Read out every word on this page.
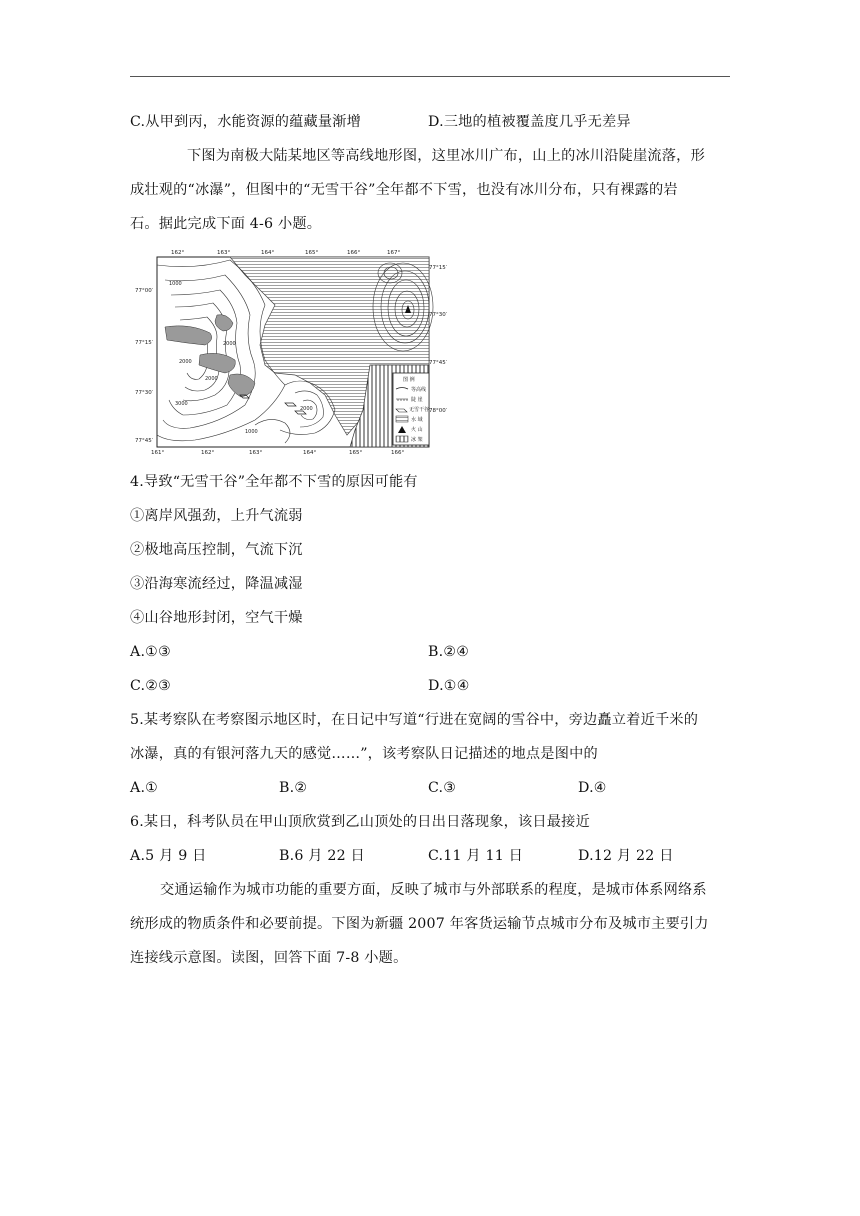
C.从甲到丙，水能资源的蕴藏量渐增	D.三地的植被覆盖度几乎无差异
下图为南极大陆某地区等高线地形图，这里冰川广布，山上的冰川沿陡崖流落，形
成壮观的“冰瀑”，但图中的“无雪干谷”全年都不下雪，也没有冰川分布，只有裸露的岩
石。据此完成下面 4-6 小题。
162°	163°	164°	165°	166°	167°
161°	162°	163°	164°	165°	166°
77°00′
77°15′
77°30′
77°45′
77°15′
77°30′
77°45′
78°00′
1000
2000
2000
2000
1000
3000
2000
图 例
等高线
陡 崖
无雪干谷
水 域
火 山
冰 架
4.导致“无雪干谷”全年都不下雪的原因可能有
①离岸风强劲，上升气流弱
②极地高压控制，气流下沉
③沿海寒流经过，降温减湿
④山谷地形封闭，空气干燥
A.①③	B.②④
C.②③	D.①④
5.某考察队在考察图示地区时，在日记中写道“行进在宽阔的雪谷中，旁边矗立着近千米的
冰瀑，真的有银河落九天的感觉……”，该考察队日记描述的地点是图中的
A.①	B.②	C.③	D.④
6.某日，科考队员在甲山顶欣赏到乙山顶处的日出日落现象，该日最接近
A.5 月 9 日	B.6 月 22 日	C.11 月 11 日	D.12 月 22 日
交通运输作为城市功能的重要方面，反映了城市与外部联系的程度，是城市体系网络系
统形成的物质条件和必要前提。下图为新疆 2007 年客货运输节点城市分布及城市主要引力
连接线示意图。读图，回答下面 7-8 小题。
